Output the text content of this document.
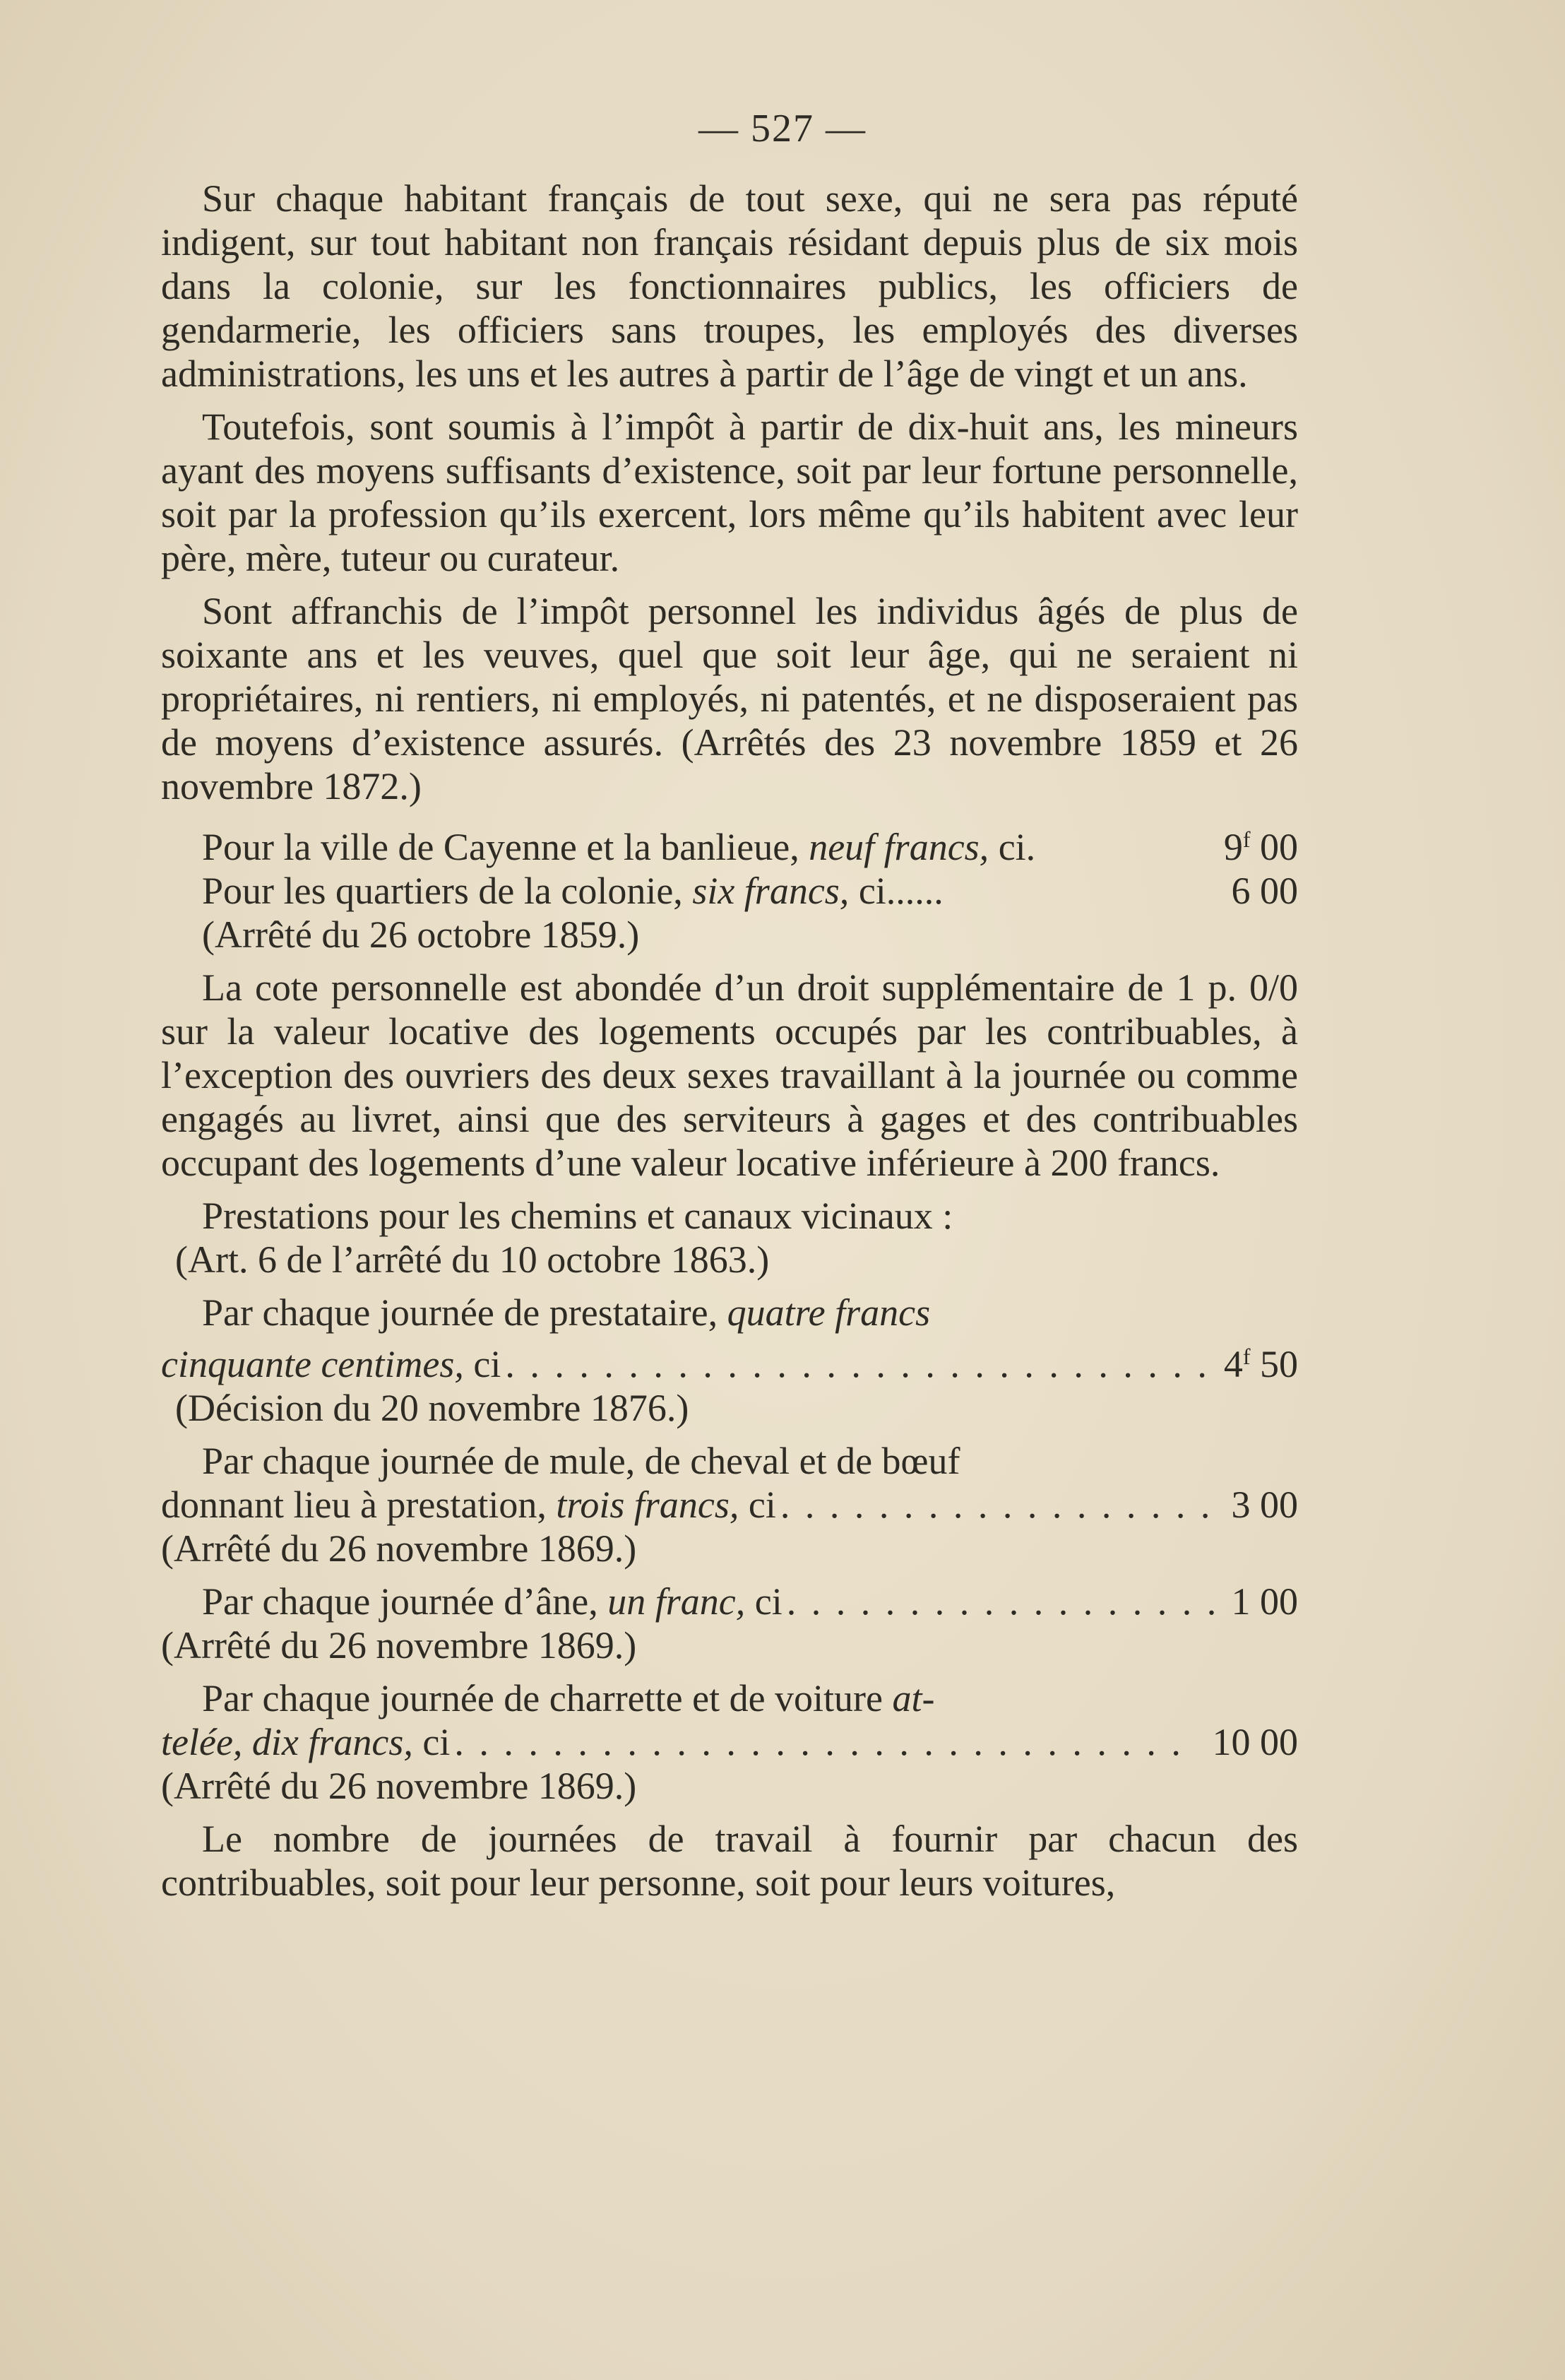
— 527 —

Sur chaque habitant français de tout sexe, qui ne sera pas réputé indigent, sur tout habitant non français résidant depuis plus de six mois dans la colonie, sur les fonctionnaires publics, les officiers de gendarmerie, les officiers sans troupes, les employés des diverses administrations, les uns et les autres à partir de l’âge de vingt et un ans.

Toutefois, sont soumis à l’impôt à partir de dix-huit ans, les mineurs ayant des moyens suffisants d’existence, soit par leur fortune personnelle, soit par la profession qu’ils exercent, lors même qu’ils habitent avec leur père, mère, tuteur ou curateur.

Sont affranchis de l’impôt personnel les individus âgés de plus de soixante ans et les veuves, quel que soit leur âge, qui ne seraient ni propriétaires, ni rentiers, ni employés, ni patentés, et ne disposeraient pas de moyens d’existence assurés. (Arrêtés des 23 novembre 1859 et 26 novembre 1872.)

Pour la ville de Cayenne et la banlieue, neuf francs, ci.	9$^f$ 00
Pour les quartiers de la colonie, six francs, ci......	6 00

(Arrêté du 26 octobre 1859.)

La cote personnelle est abondée d’un droit supplémentaire de 1 p. 0/0 sur la valeur locative des logements occupés par les contribuables, à l’exception des ouvriers des deux sexes travaillant à la journée ou comme engagés au livret, ainsi que des serviteurs à gages et des contribuables occupant des logements d’une valeur locative inférieure à 200 francs.

Prestations pour les chemins et canaux vicinaux :

(Art. 6 de l’arrêté du 10 octobre 1863.)

Par chaque journée de prestataire, quatre francs

cinquante centimes, ci . . .	4$^f$ 50

(Décision du 20 novembre 1876.)

Par chaque journée de mule, de cheval et de bœuf

donnant lieu à prestation, trois francs, ci . . .	3 00

(Arrêté du 26 novembre 1869.)

Par chaque journée d’âne, un franc, ci . . .	1 00

(Arrêté du 26 novembre 1869.)

Par chaque journée de charrette et de voiture at-

telée, dix francs, ci . . .	10 00

(Arrêté du 26 novembre 1869.)

Le nombre de journées de travail à fournir par chacun des contribuables, soit pour leur personne, soit pour leurs voitures,
